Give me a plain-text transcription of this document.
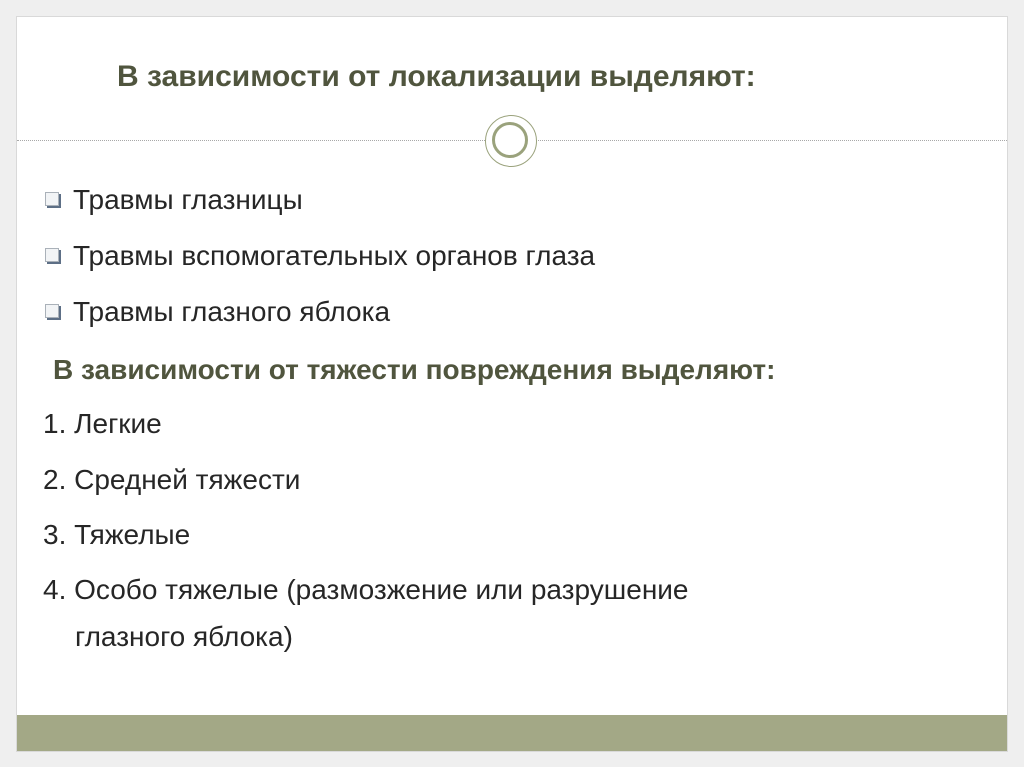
В зависимости от локализации выделяют:
Травмы глазницы
Травмы вспомогательных органов глаза
Травмы глазного яблока
В зависимости от тяжести повреждения выделяют:
1. Легкие
2. Средней тяжести
3. Тяжелые
4. Особо тяжелые (размозжение или разрушение
глазного яблока)
